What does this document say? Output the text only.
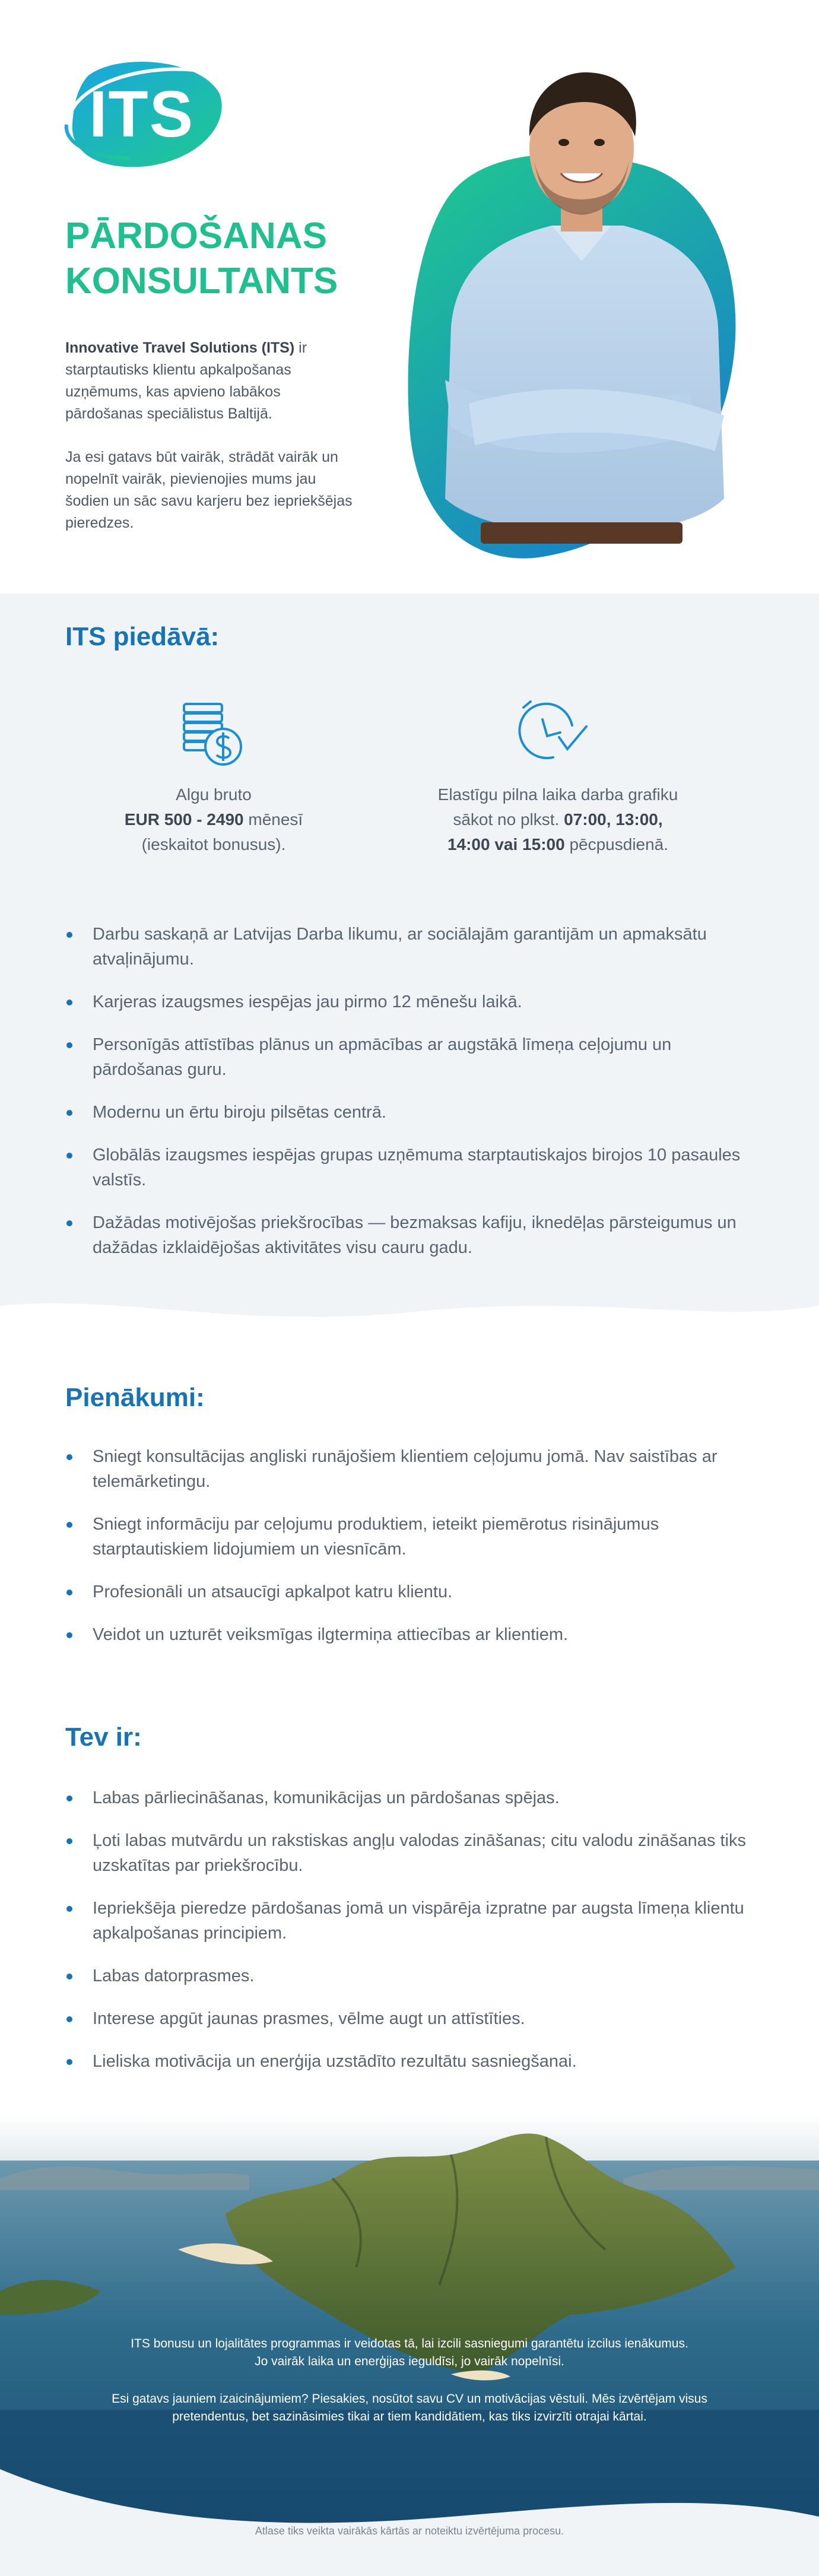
ITS
PĀRDOŠANAS
KONSULTANTS

Innovative Travel Solutions (ITS) ir starptautisks klientu apkalpošanas uzņēmums, kas apvieno labākos pārdošanas speciālistus Baltijā.

Ja esi gatavs būt vairāk, strādāt vairāk un nopelnīt vairāk, pievienojies mums jau šodien un sāc savu karjeru bez iepriekšējas pieredzes.

ITS piedāvā:
Algu bruto
EUR 500 - 2490 mēnesī
(ieskaitot bonusus).
Elastīgu pilna laika darba grafiku
sākot no plkst. 07:00, 13:00,
14:00 vai 15:00 pēcpusdienā.
Darbu saskaņā ar Latvijas Darba likumu, ar sociālajām garantijām un apmaksātu atvaļinājumu.
Karjeras izaugsmes iespējas jau pirmo 12 mēnešu laikā.
Personīgās attīstības plānus un apmācības ar augstākā līmeņa ceļojumu un pārdošanas guru.
Modernu un ērtu biroju pilsētas centrā.
Globālās izaugsmes iespējas grupas uzņēmuma starptautiskajos birojos 10 pasaules valstīs.
Dažādas motivējošas priekšrocības — bezmaksas kafiju, iknedēļas pārsteigumus un dažādas izklaidējošas aktivitātes visu cauru gadu.
Pienākumi:
Sniegt konsultācijas angliski runājošiem klientiem ceļojumu jomā. Nav saistības ar telemārketingu.
Sniegt informāciju par ceļojumu produktiem, ieteikt piemērotus risinājumus starptautiskiem lidojumiem un viesnīcām.
Profesionāli un atsaucīgi apkalpot katru klientu.
Veidot un uzturēt veiksmīgas ilgtermiņa attiecības ar klientiem.
Tev ir:
Labas pārliecināšanas, komunikācijas un pārdošanas spējas.
Ļoti labas mutvārdu un rakstiskas angļu valodas zināšanas; citu valodu zināšanas tiks uzskatītas par priekšrocību.
Iepriekšēja pieredze pārdošanas jomā un vispārēja izpratne par augsta līmeņa klientu apkalpošanas principiem.
Labas datorprasmes.
Interese apgūt jaunas prasmes, vēlme augt un attīstīties.
Lieliska motivācija un enerģija uzstādīto rezultātu sasniegšanai.

ITS bonusu un lojalitātes programmas ir veidotas tā, lai izcili sasniegumi garantētu izcilus ienākumus.
Jo vairāk laika un enerģijas ieguldīsi, jo vairāk nopelnīsi.

Esi gatavs jauniem izaicinājumiem? Piesakies, nosūtot savu CV un motivācijas vēstuli. Mēs izvērtējam visus
pretendentus, bet sazināsimies tikai ar tiem kandidātiem, kas tiks izvirzīti otrajai kārtai.

Atlase tiks veikta vairākās kārtās ar noteiktu izvērtējuma procesu.
